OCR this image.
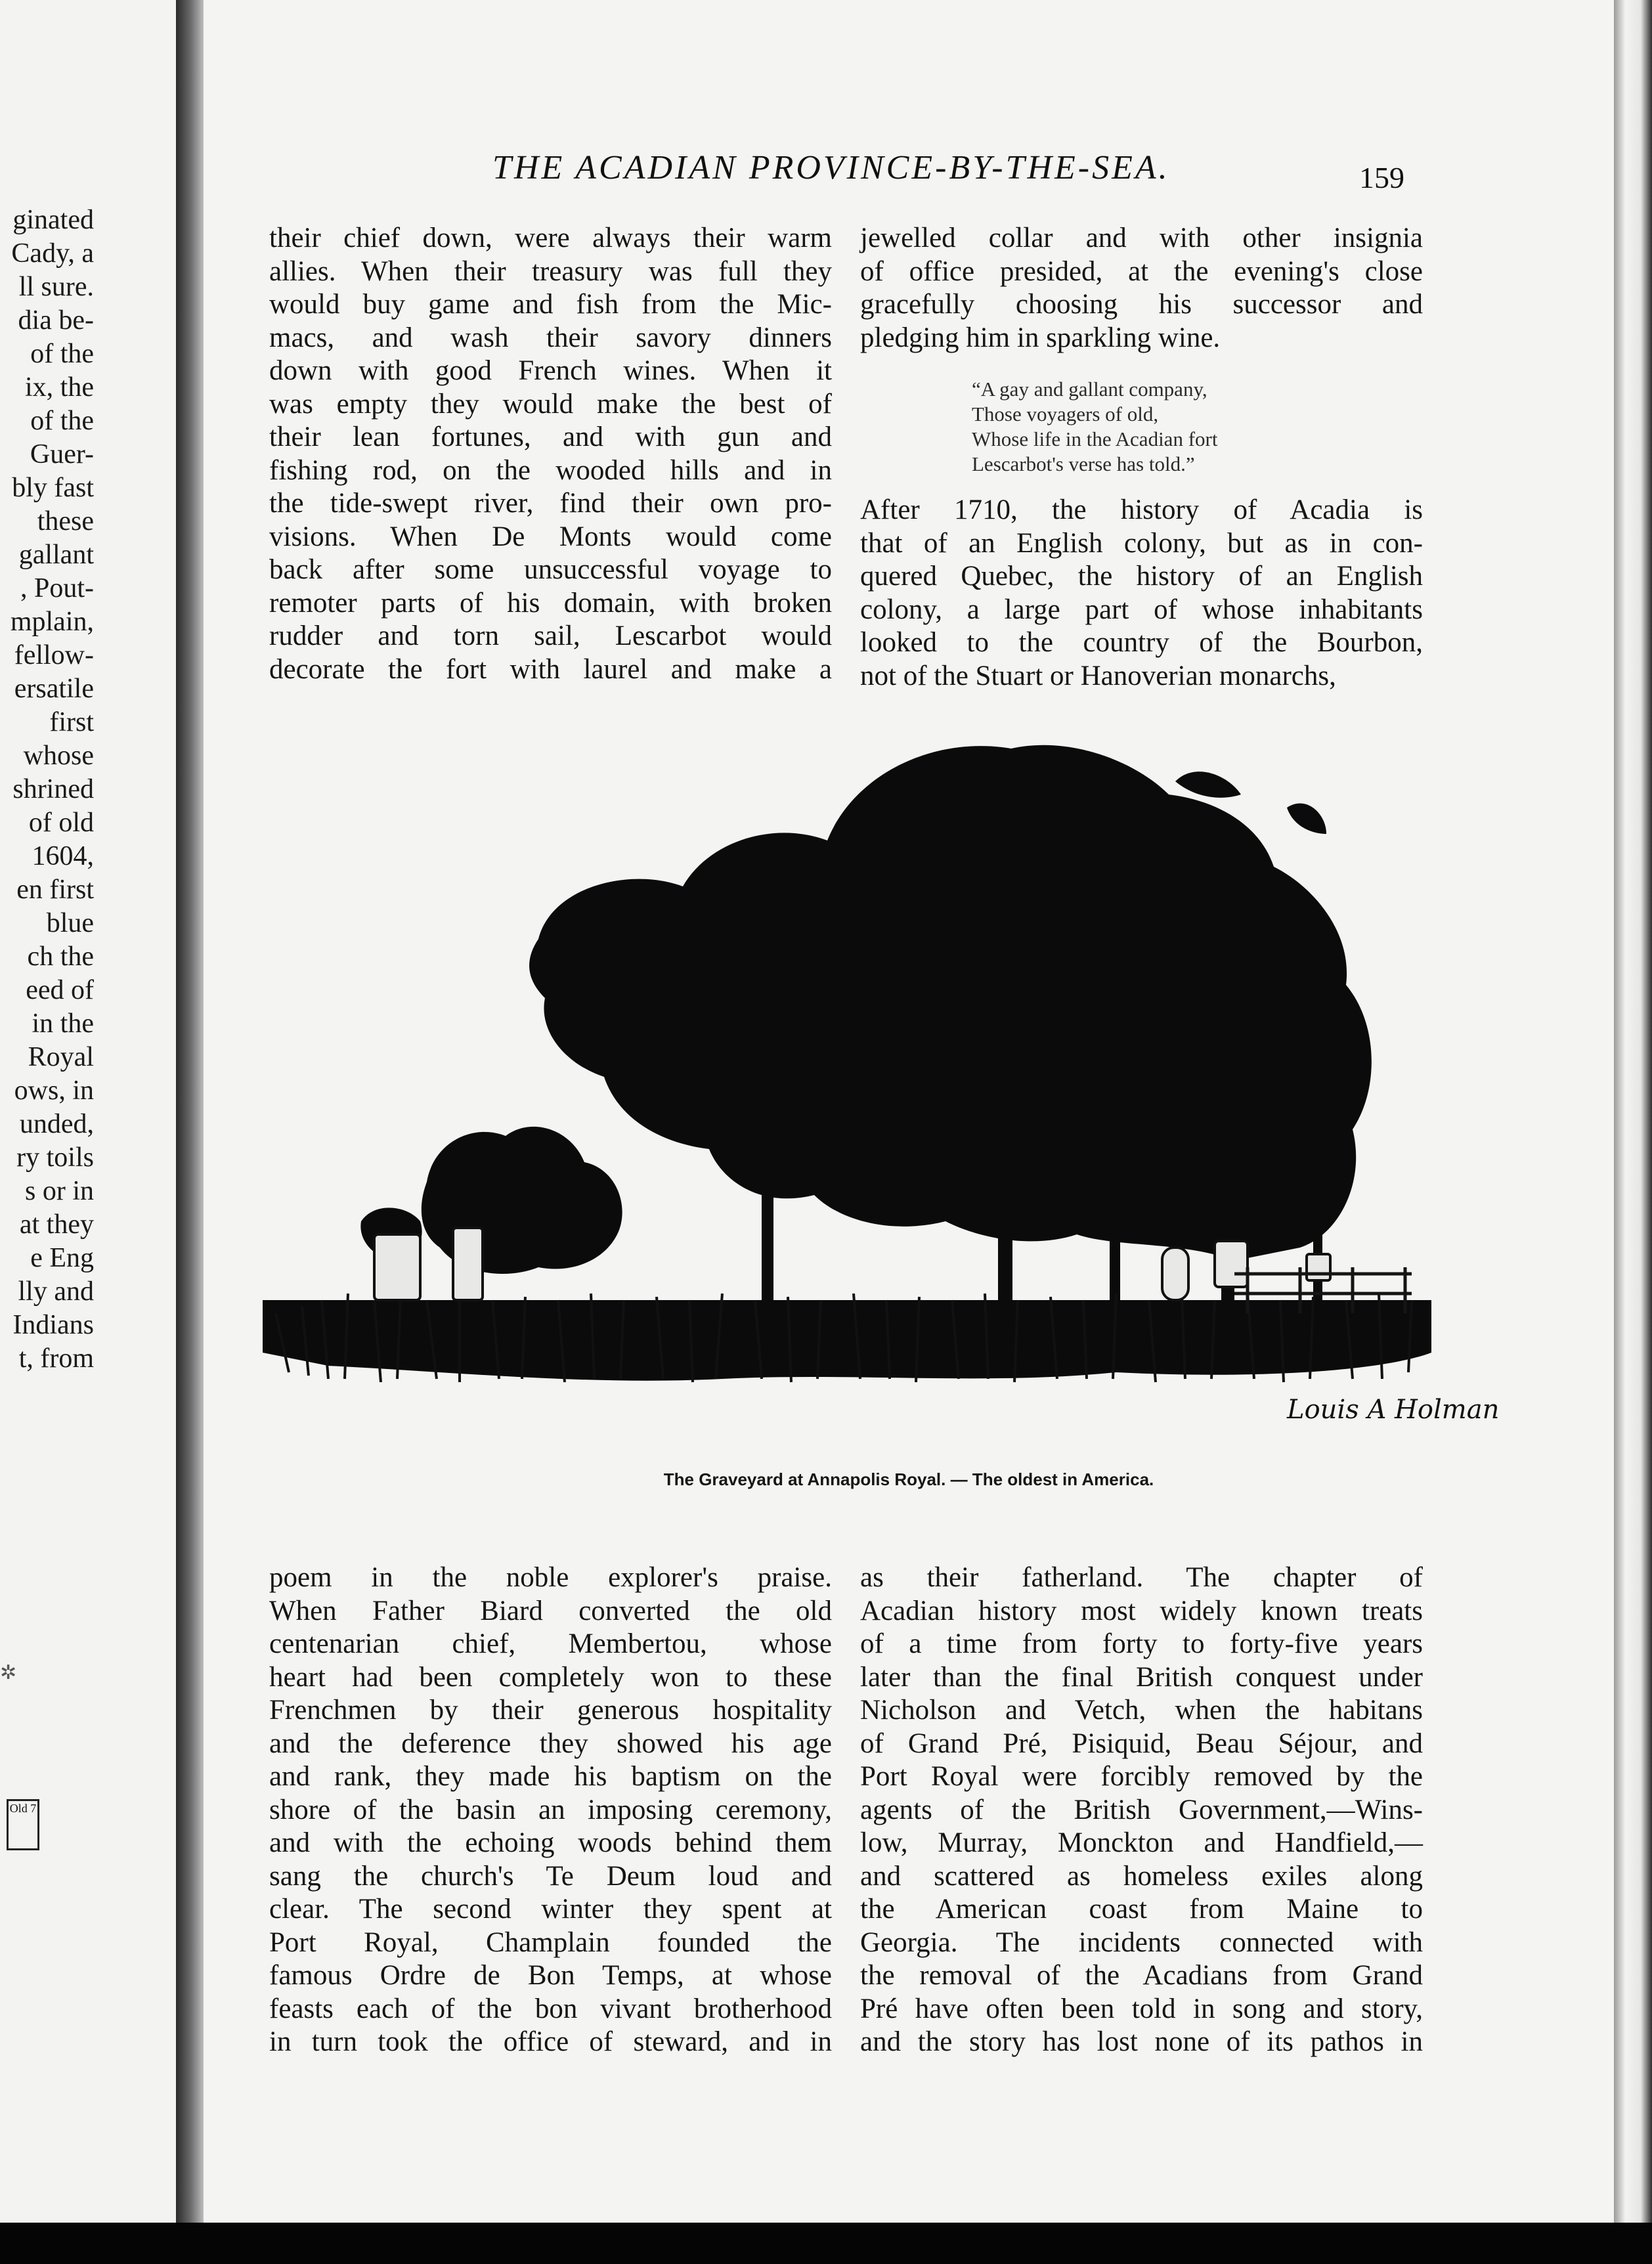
ginated
Cady, a
ll sure.
dia be-
of the
ix, the
of the
Guer-
bly fast
these
gallant
, Pout-
mplain,
fellow-
ersatile
first
whose
shrined
of old
1604,
en first
blue
ch the
eed of
in the
Royal
ows, in
unded,
ry toils
s or in
at they
e Eng
lly and
Indians
t, from
✲
Old 7
THE ACADIAN PROVINCE-BY-THE-SEA.	159
their chief down, were always their warm
allies. When their treasury was full they
would buy game and fish from the Mic-
macs, and wash their savory dinners
down with good French wines. When it
was empty they would make the best of
their lean fortunes, and with gun and
fishing rod, on the wooded hills and in
the tide-swept river, find their own pro-
visions. When De Monts would come
back after some unsuccessful voyage to
remoter parts of his domain, with broken
rudder and torn sail, Lescarbot would
decorate the fort with laurel and make a
jewelled collar and with other insignia
of office presided, at the evening's close
gracefully choosing his successor and
pledging him in sparkling wine.
“A gay and gallant company,
Those voyagers of old,
Whose life in the Acadian fort
Lescarbot's verse has told.”
After 1710, the history of Acadia is
that of an English colony, but as in con-
quered Quebec, the history of an English
colony, a large part of whose inhabitants
looked to the country of the Bourbon,
not of the Stuart or Hanoverian monarchs,
Louis A Holman
The Graveyard at Annapolis Royal. — The oldest in America.
poem in the noble explorer's praise.
When Father Biard converted the old
centenarian chief, Membertou, whose
heart had been completely won to these
Frenchmen by their generous hospitality
and the deference they showed his age
and rank, they made his baptism on the
shore of the basin an imposing ceremony,
and with the echoing woods behind them
sang the church's Te Deum loud and
clear. The second winter they spent at
Port Royal, Champlain founded the
famous Ordre de Bon Temps, at whose
feasts each of the bon vivant brotherhood
in turn took the office of steward, and in
as their fatherland. The chapter of
Acadian history most widely known treats
of a time from forty to forty-five years
later than the final British conquest under
Nicholson and Vetch, when the habitans
of Grand Pré, Pisiquid, Beau Séjour, and
Port Royal were forcibly removed by the
agents of the British Government,—Wins-
low, Murray, Monckton and Handfield,—
and scattered as homeless exiles along
the American coast from Maine to
Georgia. The incidents connected with
the removal of the Acadians from Grand
Pré have often been told in song and story,
and the story has lost none of its pathos in
